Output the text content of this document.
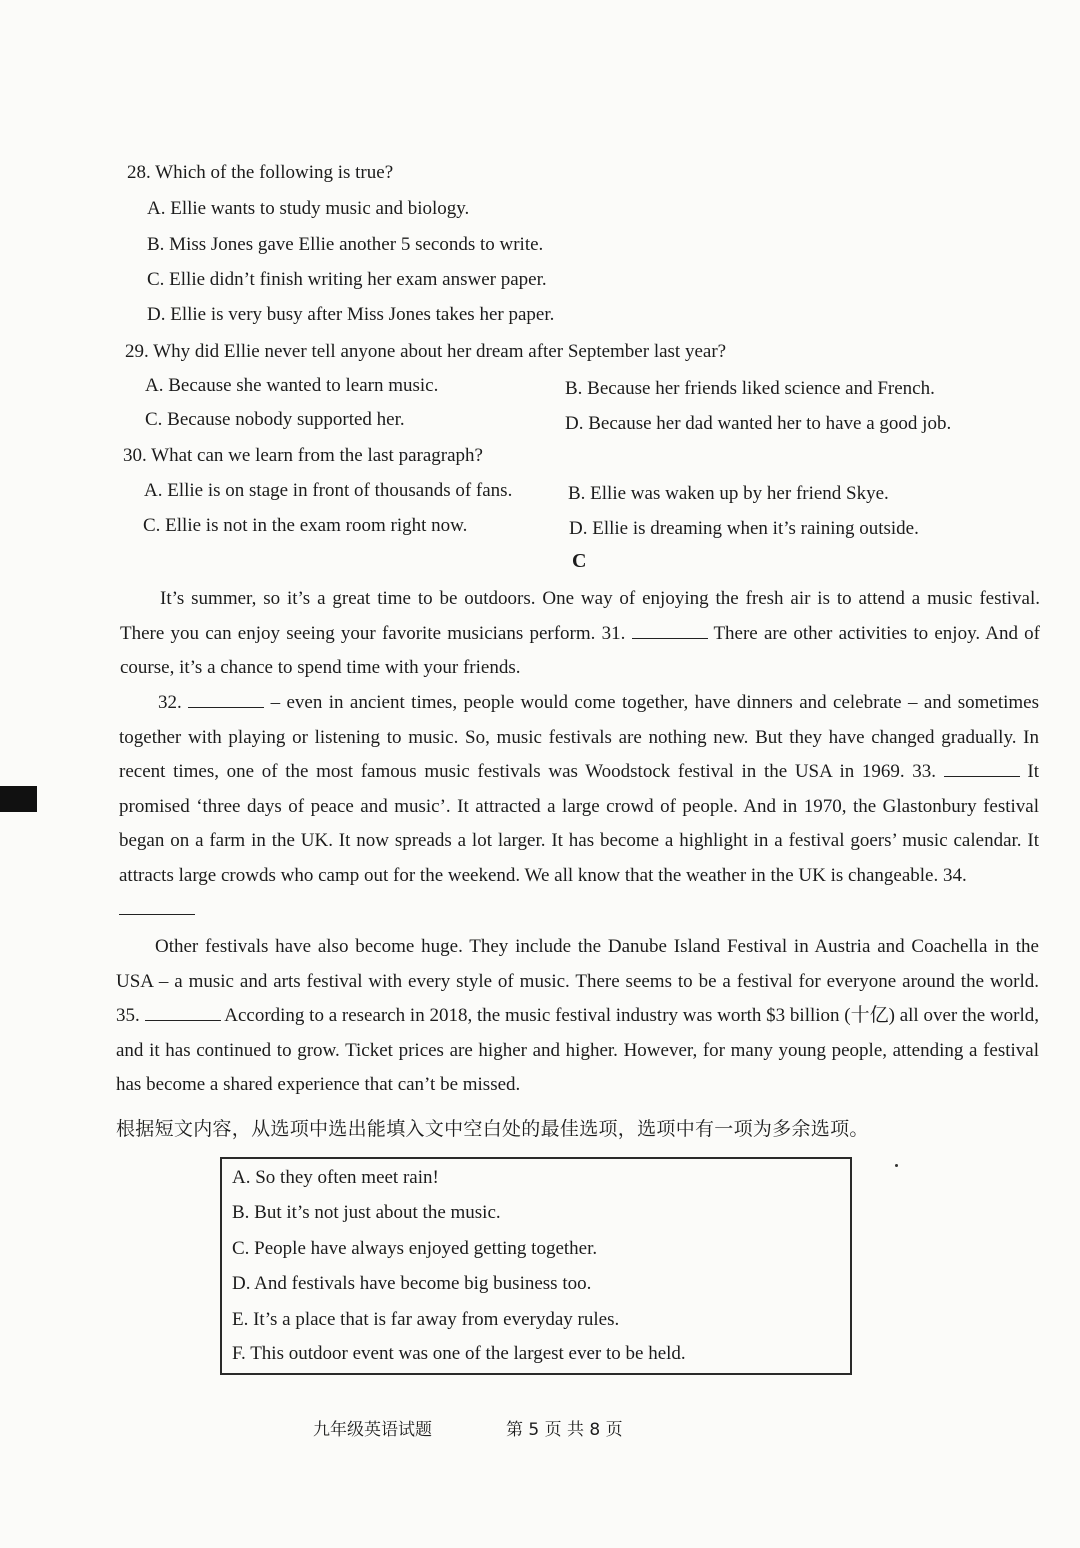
28. Which of the following is true?
A. Ellie wants to study music and biology.
B. Miss Jones gave Ellie another 5 seconds to write.
C. Ellie didn’t finish writing her exam answer paper.
D. Ellie is very busy after Miss Jones takes her paper.
29. Why did Ellie never tell anyone about her dream after September last year?
A. Because she wanted to learn music.	B. Because her friends liked science and French.
C. Because nobody supported her.	D. Because her dad wanted her to have a good job.
30. What can we learn from the last paragraph?
A. Ellie is on stage in front of thousands of fans.	B. Ellie was waken up by her friend Skye.
C. Ellie is not in the exam room right now.	D. Ellie is dreaming when it’s raining outside.
C
It’s summer, so it’s a great time to be outdoors. One way of enjoying the fresh air is to attend a music festival. There you can enjoy seeing your favorite musicians perform. 31.	There are other activities to enjoy. And of course, it’s a chance to spend time with your friends.
32.	– even in ancient times, people would come together, have dinners and celebrate – and sometimes together with playing or listening to music. So, music festivals are nothing new. But they have changed gradually. In recent times, one of the most famous music festivals was Woodstock festival in the USA in 1969. 33.	It promised ‘three days of peace and music’. It attracted a large crowd of people. And in 1970, the Glastonbury festival began on a farm in the UK. It now spreads a lot larger. It has become a highlight in a festival goers’ music calendar. It attracts large crowds who camp out for the weekend. We all know that the weather in the UK is changeable. 34.

Other festivals have also become huge. They include the Danube Island Festival in Austria and Coachella in the USA – a music and arts festival with every style of music. There seems to be a festival for everyone around the world. 35.	According to a research in 2018, the music festival industry was worth $3 billion (十亿) all over the world, and it has continued to grow. Ticket prices are higher and higher. However, for many young people, attending a festival has become a shared experience that can’t be missed.
根据短文内容，从选项中选出能填入文中空白处的最佳选项，选项中有一项为多余选项。
A. So they often meet rain!
B. But it’s not just about the music.
C. People have always enjoyed getting together.
D. And festivals have become big business too.
E. It’s a place that is far away from everyday rules.
F. This outdoor event was one of the largest ever to be held.
九年级英语试题	第 5 页 共 8 页
